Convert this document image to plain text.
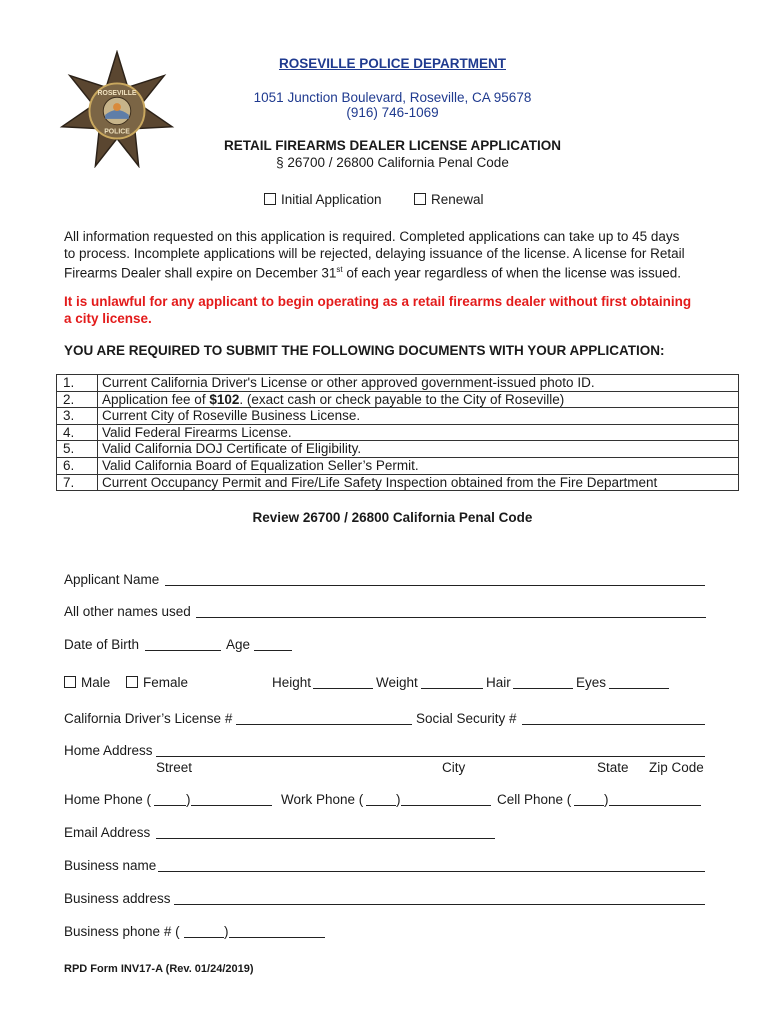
ROSEVILLE
POLICE
ROSEVILLE POLICE DEPARTMENT
1051 Junction Boulevard, Roseville, CA 95678
(916) 746-1069
RETAIL FIREARMS DEALER LICENSE APPLICATION
§ 26700 / 26800 California Penal Code
Initial Application	Renewal
All information requested on this application is required. Completed applications can take up to 45 days
to process. Incomplete applications will be rejected, delaying issuance of the license. A license for Retail
Firearms Dealer shall expire on December 31st of each year regardless of when the license was issued.
It is unlawful for any applicant to begin operating as a retail firearms dealer without first obtaining
a city license.
YOU ARE REQUIRED TO SUBMIT THE FOLLOWING DOCUMENTS WITH YOUR APPLICATION:
1.	Current California Driver's License or other approved government-issued photo ID.
2.	Application fee of $102. (exact cash or check payable to the City of Roseville)
3.	Current City of Roseville Business License.
4.	Valid Federal Firearms License.
5.	Valid California DOJ Certificate of Eligibility.
6.	Valid California Board of Equalization Seller’s Permit.
7.	Current Occupancy Permit and Fire/Life Safety Inspection obtained from the Fire Department
Review 26700 / 26800 California Penal Code
Applicant Name
All other names used
Date of Birth	Age
Male	Female	Height	Weight	Hair	Eyes
California Driver’s License #	Social Security #
Home Address
Street	City	State Zip Code
Home Phone (	)	Work Phone ( )	Cell Phone ( )
Email Address
Business name
Business address
Business phone # (	)
RPD Form INV17-A (Rev. 01/24/2019)
